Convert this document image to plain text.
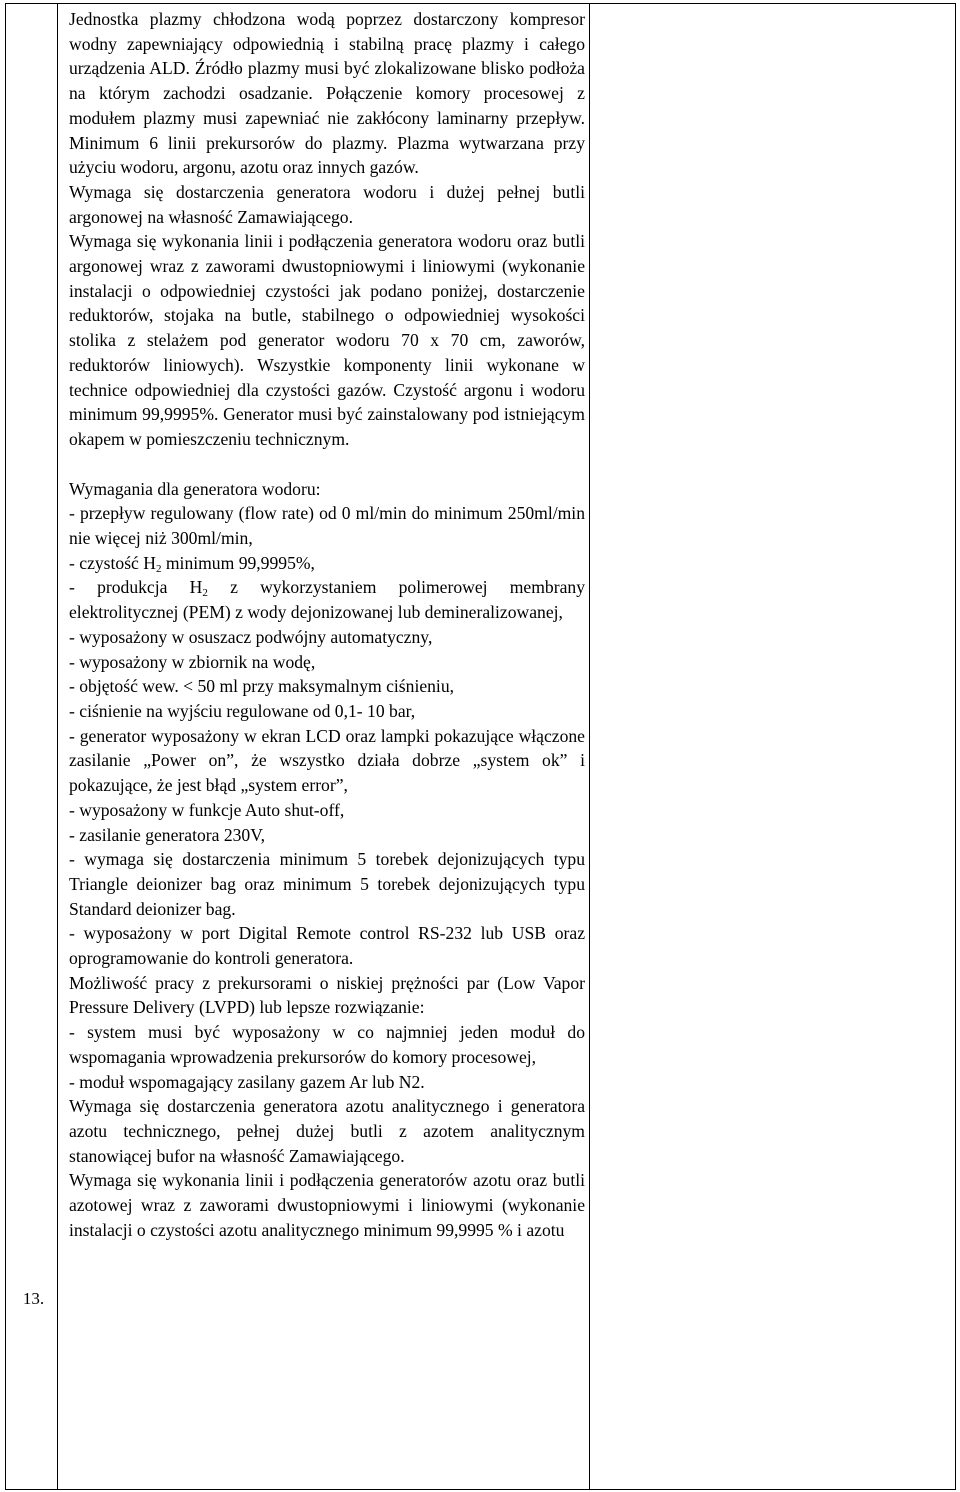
13.

Jednostka plazmy chłodzona wodą poprzez dostarczony kompresor wodny zapewniający odpowiednią i stabilną pracę plazmy i całego urządzenia ALD. Źródło plazmy musi być zlokalizowane blisko podłoża na którym zachodzi osadzanie. Połączenie komory procesowej z modułem plazmy musi zapewniać nie zakłócony laminarny przepływ. Minimum 6 linii prekursorów do plazmy. Plazma wytwarzana przy użyciu wodoru, argonu, azotu oraz innych gazów.

Wymaga się dostarczenia generatora wodoru i dużej pełnej butli argonowej na własność Zamawiającego.

Wymaga się wykonania linii i podłączenia generatora wodoru oraz butli argonowej wraz z zaworami dwustopniowymi i liniowymi (wykonanie instalacji o odpowiedniej czystości jak podano poniżej, dostarczenie reduktorów, stojaka na butle, stabilnego o odpowiedniej wysokości stolika z stelażem pod generator wodoru 70 x 70 cm, zaworów, reduktorów liniowych). Wszystkie komponenty linii wykonane w technice odpowiedniej dla czystości gazów. Czystość argonu i wodoru minimum 99,9995%. Generator musi być zainstalowany pod istniejącym okapem w pomieszczeniu technicznym.

Wymagania dla generatora wodoru:

- przepływ regulowany (flow rate) od 0 ml/min do minimum 250ml/min nie więcej niż 300ml/min,

- czystość $H_2$ minimum 99,9995%,

- produkcja $H_2$ z wykorzystaniem polimerowej membrany elektrolitycznej (PEM) z wody dejonizowanej lub demineralizowanej,

- wyposażony w osuszacz podwójny automatyczny,

- wyposażony w zbiornik na wodę,

- objętość wew. < 50 ml przy maksymalnym ciśnieniu,

- ciśnienie na wyjściu regulowane od 0,1- 10 bar,

- generator wyposażony w ekran LCD oraz lampki pokazujące włączone zasilanie „Power on”, że wszystko działa dobrze „system ok” i pokazujące, że jest błąd „system error”,

- wyposażony w funkcje Auto shut-off,

- zasilanie generatora 230V,

- wymaga się dostarczenia minimum 5 torebek dejonizujących typu Triangle deionizer bag oraz minimum 5 torebek dejonizujących typu Standard deionizer bag.

- wyposażony w port Digital Remote control RS-232 lub USB oraz oprogramowanie do kontroli generatora.

Możliwość pracy z prekursorami o niskiej prężności par (Low Vapor Pressure Delivery (LVPD) lub lepsze rozwiązanie:

- system musi być wyposażony w co najmniej jeden moduł do wspomagania wprowadzenia prekursorów do komory procesowej,

- moduł wspomagający zasilany gazem Ar lub N2.

Wymaga się dostarczenia generatora azotu analitycznego i generatora azotu technicznego, pełnej dużej butli z azotem analitycznym stanowiącej bufor na własność Zamawiającego.

Wymaga się wykonania linii i podłączenia generatorów azotu oraz butli azotowej wraz z zaworami dwustopniowymi i liniowymi (wykonanie instalacji o czystości azotu analitycznego minimum 99,9995 % i azotu
